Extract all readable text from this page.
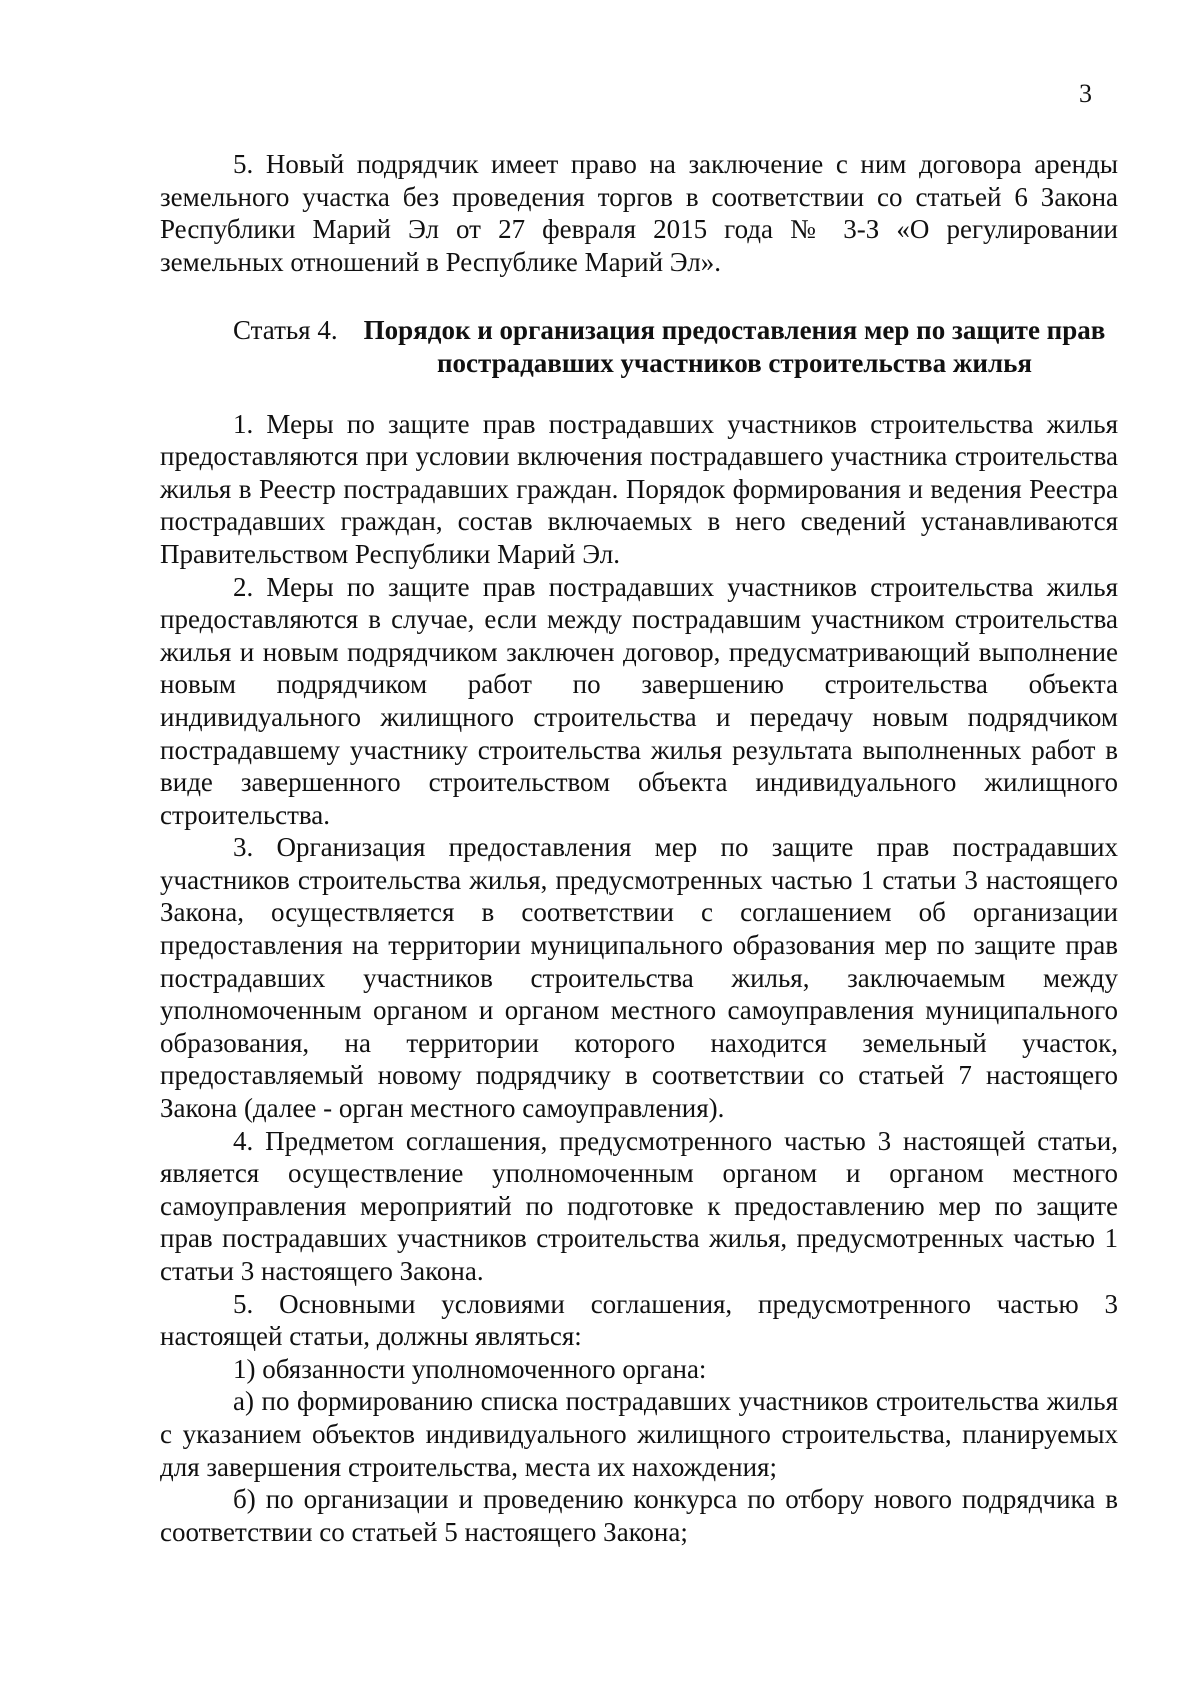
3

5. Новый подрядчик имеет право на заключение с ним договора аренды земельного участка без проведения торгов в соответствии со статьей 6 Закона Республики Марий Эл от 27 февраля 2015 года № 3-З «О регулировании земельных отношений в Республике Марий Эл».

Статья 4. Порядок и организация предоставления мер по защите прав пострадавших участников строительства жилья

1. Меры по защите прав пострадавших участников строительства жилья предоставляются при условии включения пострадавшего участника строительства жилья в Реестр пострадавших граждан. Порядок формирования и ведения Реестра пострадавших граждан, состав включаемых в него сведений устанавливаются Правительством Республики Марий Эл.

2. Меры по защите прав пострадавших участников строительства жилья предоставляются в случае, если между пострадавшим участником строительства жилья и новым подрядчиком заключен договор, предусматривающий выполнение новым подрядчиком работ по завершению строительства объекта индивидуального жилищного строительства и передачу новым подрядчиком пострадавшему участнику строительства жилья результата выполненных работ в виде завершенного строительством объекта индивидуального жилищного строительства.

3. Организация предоставления мер по защите прав пострадавших участников строительства жилья, предусмотренных частью 1 статьи 3 настоящего Закона, осуществляется в соответствии с соглашением об организации предоставления на территории муниципального образования мер по защите прав пострадавших участников строительства жилья, заключаемым между уполномоченным органом и органом местного самоуправления муниципального образования, на территории которого находится земельный участок, предоставляемый новому подрядчику в соответствии со статьей 7 настоящего Закона (далее - орган местного самоуправления).

4. Предметом соглашения, предусмотренного частью 3 настоящей статьи, является осуществление уполномоченным органом и органом местного самоуправления мероприятий по подготовке к предоставлению мер по защите прав пострадавших участников строительства жилья, предусмотренных частью 1 статьи 3 настоящего Закона.

5. Основными условиями соглашения, предусмотренного частью 3 настоящей статьи, должны являться:

1) обязанности уполномоченного органа:

а) по формированию списка пострадавших участников строительства жилья с указанием объектов индивидуального жилищного строительства, планируемых для завершения строительства, места их нахождения;

б) по организации и проведению конкурса по отбору нового подрядчика в соответствии со статьей 5 настоящего Закона;
